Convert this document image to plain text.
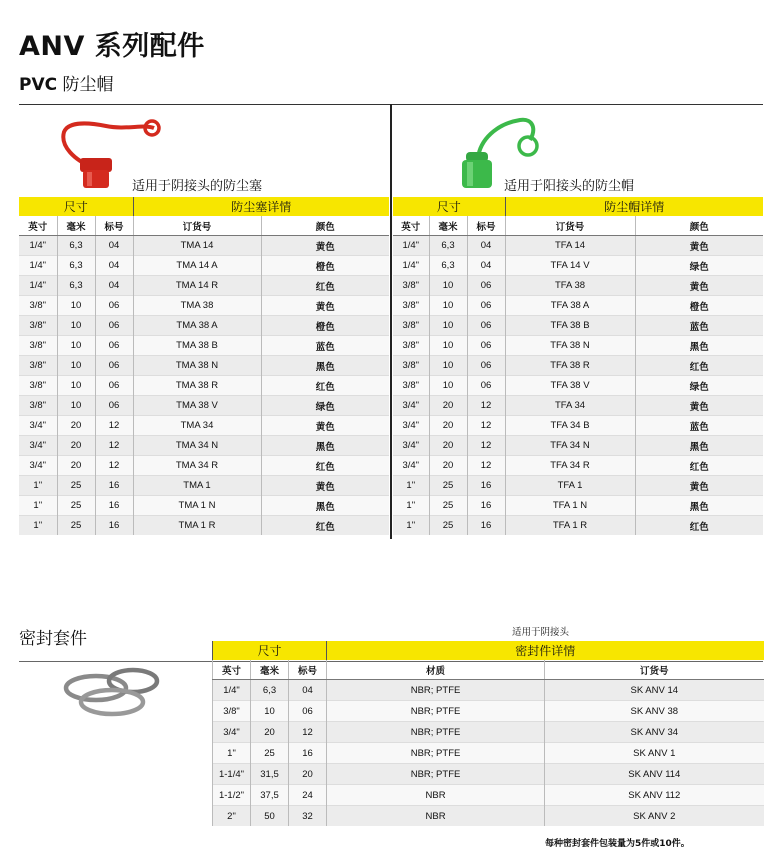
ANV 系列配件
PVC 防尘帽
适用于阴接头的防尘塞	适用于阳接头的防尘帽
尺寸			防尘塞详情	
英寸	毫米	标号	订货号	颜色
1/4"	6,3	04	TMA 14	黄色
1/4"	6,3	04	TMA 14 A	橙色
1/4"	6,3	04	TMA 14 R	红色
3/8"	10	06	TMA 38	黄色
3/8"	10	06	TMA 38 A	橙色
3/8"	10	06	TMA 38 B	蓝色
3/8"	10	06	TMA 38 N	黑色
3/8"	10	06	TMA 38 R	红色
3/8"	10	06	TMA 38 V	绿色
3/4"	20	12	TMA 34	黄色
3/4"	20	12	TMA 34 N	黑色
3/4"	20	12	TMA 34 R	红色
1"	25	16	TMA 1	黄色
1"	25	16	TMA 1 N	黑色
1"	25	16	TMA 1 R	红色
尺寸			防尘帽详情	
英寸	毫米	标号	订货号	颜色
1/4"	6,3	04	TFA 14	黄色
1/4"	6,3	04	TFA 14 V	绿色
3/8"	10	06	TFA 38	黄色
3/8"	10	06	TFA 38 A	橙色
3/8"	10	06	TFA 38 B	蓝色
3/8"	10	06	TFA 38 N	黑色
3/8"	10	06	TFA 38 R	红色
3/8"	10	06	TFA 38 V	绿色
3/4"	20	12	TFA 34	黄色
3/4"	20	12	TFA 34 B	蓝色
3/4"	20	12	TFA 34 N	黑色
3/4"	20	12	TFA 34 R	红色
1"	25	16	TFA 1	黄色
1"	25	16	TFA 1 N	黑色
1"	25	16	TFA 1 R	红色
密封套件	适用于阴接头
尺寸			密封件详情	
英寸	毫米	标号	材质	订货号
1/4"	6,3	04	NBR; PTFE	SK ANV 14
3/8"	10	06	NBR; PTFE	SK ANV 38
3/4"	20	12	NBR; PTFE	SK ANV 34
1"	25	16	NBR; PTFE	SK ANV 1
1-1/4"	31,5	20	NBR; PTFE	SK ANV 114
1-1/2"	37,5	24	NBR	SK ANV 112
2"	50	32	NBR	SK ANV 2
每种密封套件包装量为5件或10件。
